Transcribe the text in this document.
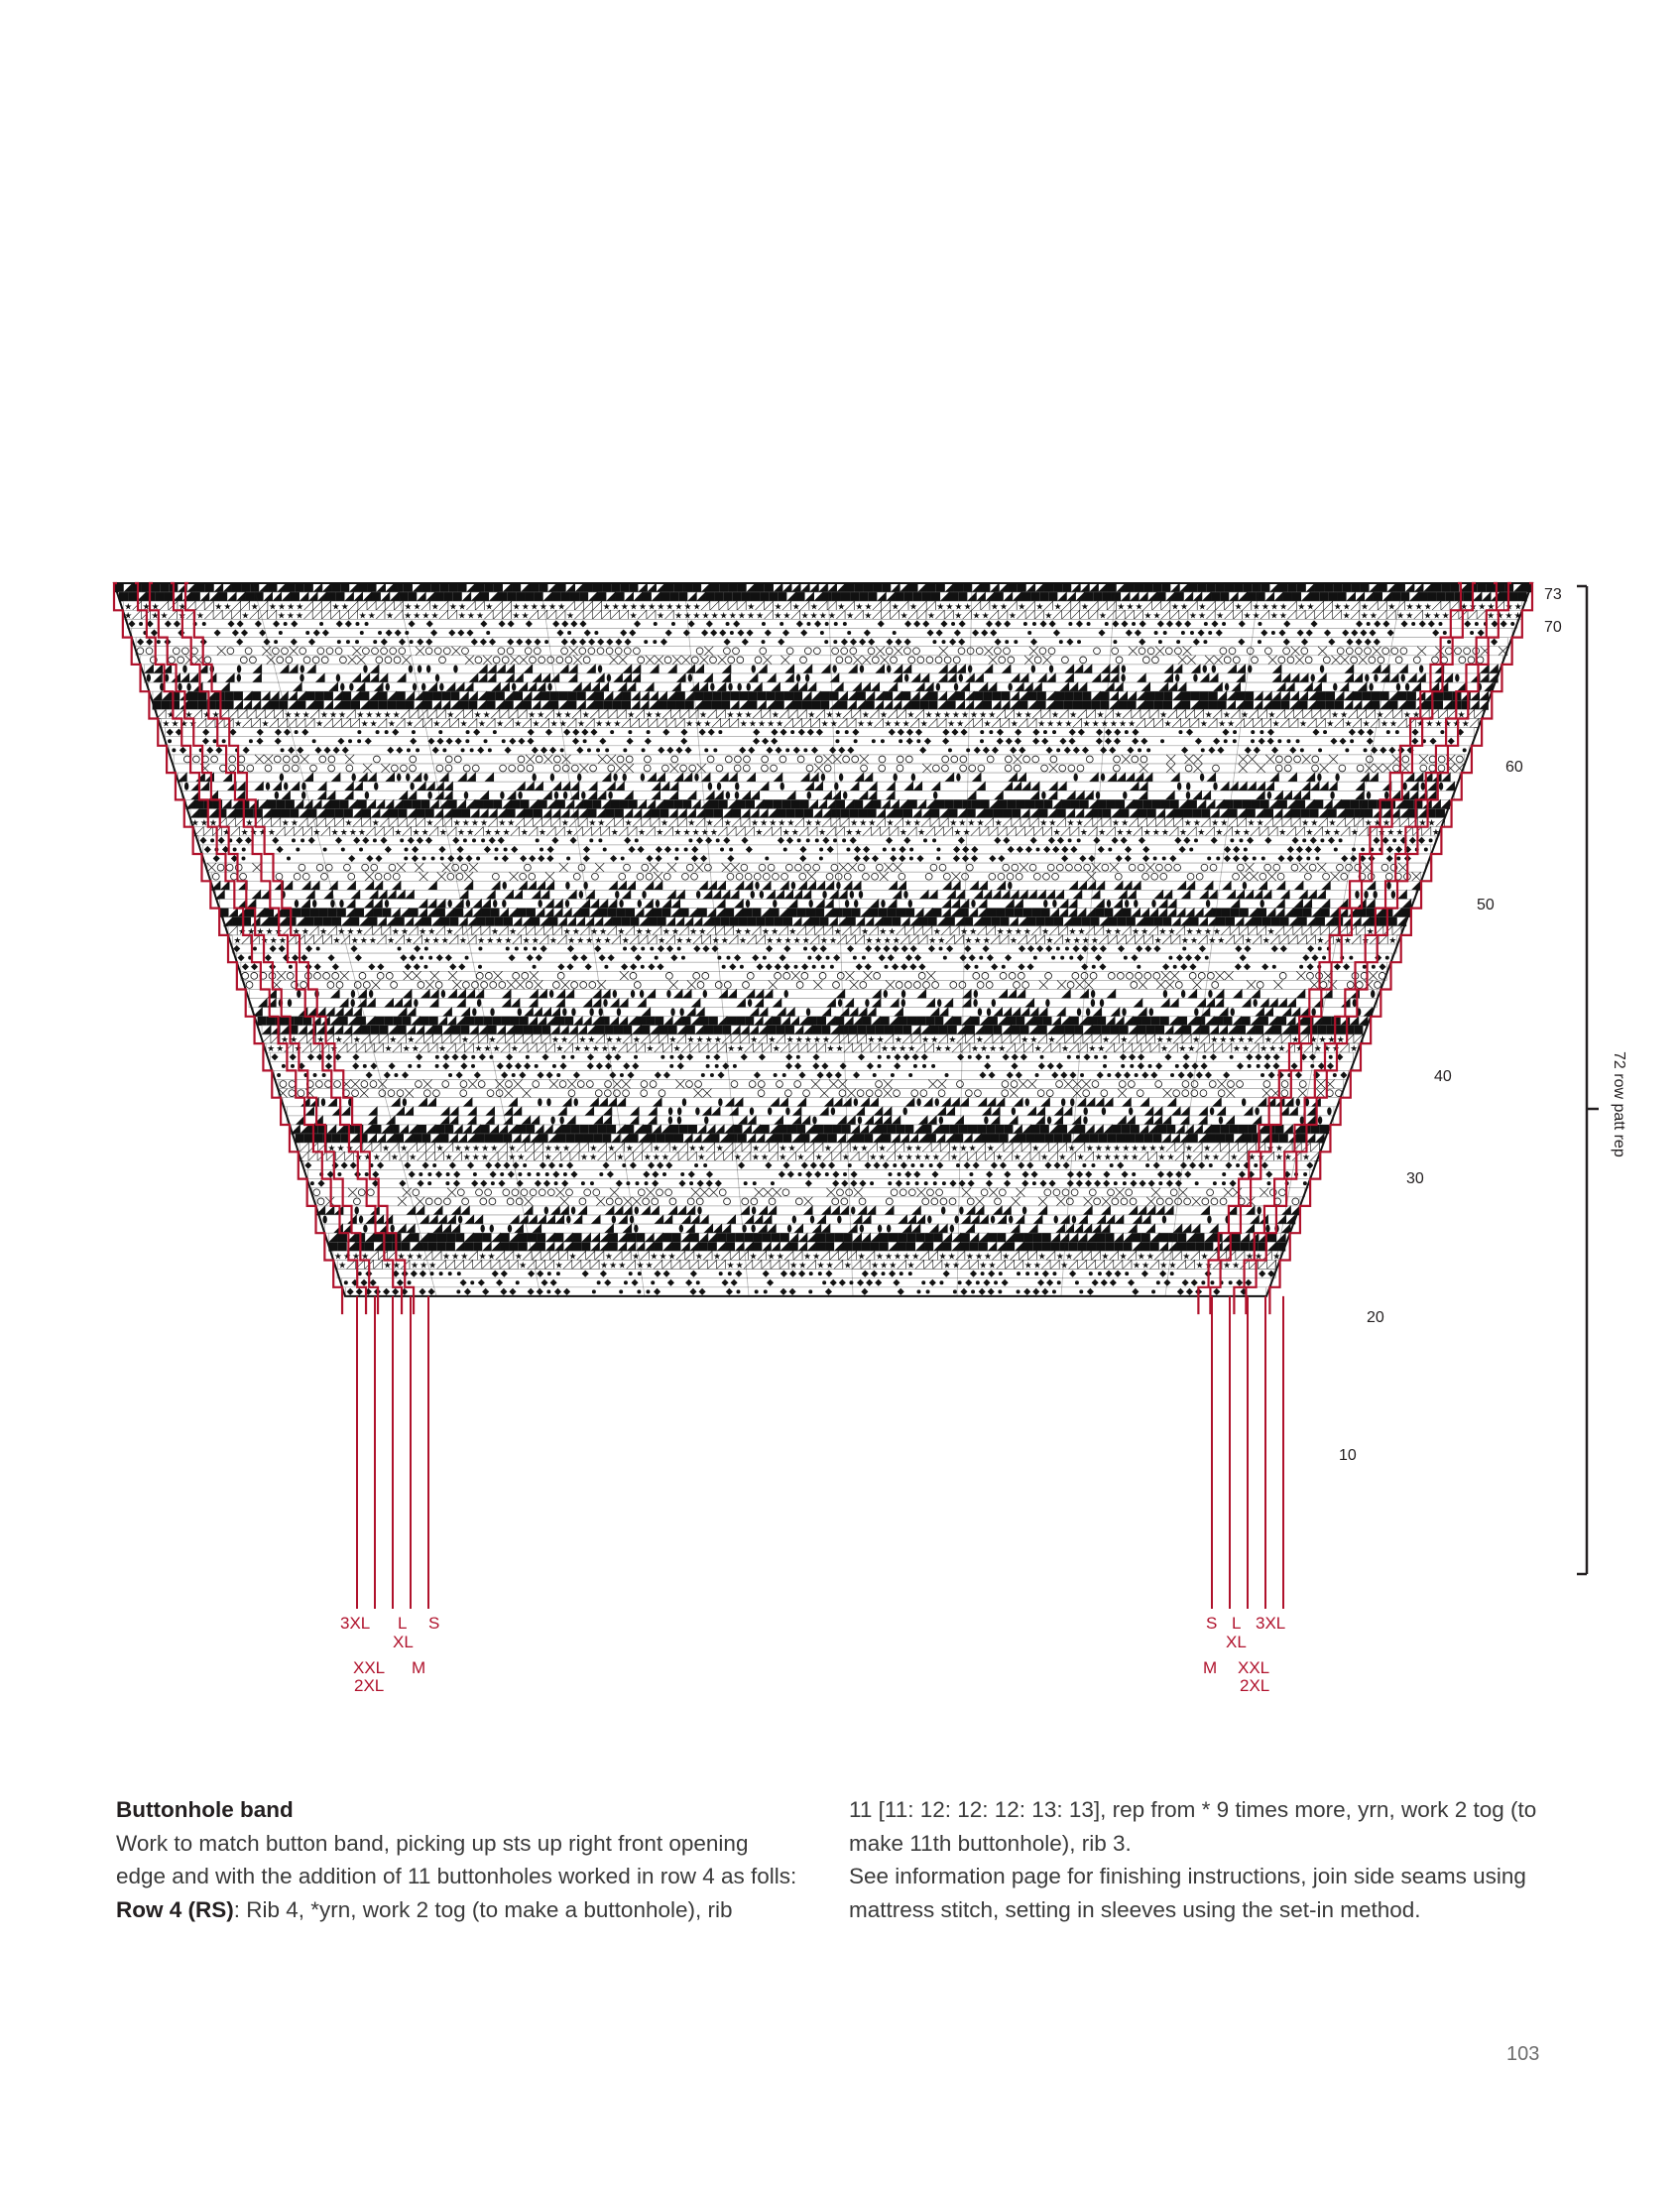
★ ★ ★ ★	★ ★ ★ ★ ★ ★ ★	★ ★	★ ★ ★ ★ ★ ★ ★ ★ ★ ★ ★ ★	★ ★ ★ ★ ★ ★ ★ ★ ★ ★ ★	★ ★ ★ ★ ★ ★ ★ ★ ★ ★ ★ ★ ★ ★ ★ ★ ★ ★ ★	★ ★ ★	★ ★ ★	★ ★ ★ ★ ★ ★ ★ ★ ★ ★ ★ ★ ★ ★	★ ★ ★ ★ ★ ★
★ ★ ★ ★ ★	★	★ ★ ★	★ ★ ★ ★ ★ ★ ★ ★ ★ ★	★ ★	★	★ ★ ★ ★ ★ ★ ★ ★ ★ ★ ★ ★ ★ ★ ★ ★ ★ ★ ★ ★	★ ★ ★ ★ ★ ★	★	★	★ ★	★ ★ ★ ★ ★ ★ ★	★ ★ ★ ★ ★ ★ ★ ★	★ ★ ★ ★
★ ★ ★ ★	★ ★ ★ ★ ★ ★ ★ ★ ★ ★ ★	★ ★ ★	★ ★ ★ ★ ★	★ ★ ★	★ ★ ★ ★ ★	★ ★ ★ ★ ★ ★ ★ ★ ★ ★ ★ ★ ★ ★ ★ ★ ★ ★ ★ ★	★	★ ★ ★ ★	★ ★	★ ★ ★	★
★ ★ ★ ★	★ ★	★	★ ★ ★ ★ ★ ★ ★ ★ ★ ★ ★ ★ ★ ★ ★ ★	★ ★ ★	★ ★ ★ ★ ★	★ ★ ★ ★ ★ ★ ★ ★ ★ ★ ★ ★ ★ ★ ★ ★ ★ ★ ★ ★ ★ ★	★	★ ★ ★	★ ★ ★ ★ ★ ★ ★ ★ ★ ★ ★ ★ ★
★ ★ ★	★	★ ★	★ ★	★ ★ ★ ★ ★ ★ ★	★ ★ ★ ★	★ ★ ★ ★ ★ ★ ★ ★ ★ ★ ★	★ ★ ★ ★ ★ ★	★ ★ ★ ★ ★	★ ★ ★ ★	★ ★	★ ★ ★ ★ ★ ★	★ ★ ★	★ ★ ★	★ ★
★ ★ ★ ★ ★	★ ★ ★ ★ ★	★ ★ ★ ★ ★ ★ ★ ★ ★ ★ ★ ★	★ ★ ★ ★ ★ ★ ★ ★	★ ★ ★ ★ ★ ★	★ ★	★ ★	★ ★ ★ ★ ★ ★ ★ ★ ★ ★ ★ ★ ★	★ ★ ★ ★ ★ ★ ★ ★	★
★ ★ ★ ★ ★ ★ ★ ★ ★ ★ ★	★ ★ ★ ★ ★	★ ★	★ ★ ★ ★ ★ ★ ★ ★ ★ ★ ★	★ ★ ★ ★ ★	★ ★ ★ ★	★ ★ ★ ★ ★ ★ ★ ★ ★ ★ ★ ★ ★ ★ ★ ★ ★ ★ ★ ★	★	★
★ ★ ★ ★	★ ★ ★ ★ ★ ★ ★ ★ ★ ★ ★ ★ ★ ★ ★ ★ ★ ★ ★ ★ ★ ★ ★	★ ★ ★ ★ ★ ★ ★ ★ ★ ★ ★ ★ ★	★ ★ ★ ★	★ ★ ★ ★ ★ ★	★ ★ ★ ★ ★	★ ★ ★ ★ ★ ★ ★	★ ★ ★ ★ ★
★ ★ ★ ★ ★	★ ★	★ ★	★ ★ ★ ★ ★ ★ ★	★ ★ ★ ★ ★	★ ★ ★ ★ ★ ★ ★	★ ★ ★ ★ ★ ★ ★	★ ★ ★	★ ★	★ ★ ★ ★ ★ ★ ★ ★ ★ ★ ★ ★ ★ ★
★ ★ ★	★	★ ★ ★ ★	★ ★ ★ ★	★ ★ ★ ★ ★ ★	★ ★	★ ★	★	★ ★	★ ★ ★ ★ ★ ★ ★ ★ ★ ★	★ ★ ★ ★	★ ★ ★	★ ★ ★ ★ ★ ★ ★ ★ ★ ★
★ ★ ★	★ ★	★ ★ ★ ★ ★ ★ ★	★ ★ ★ ★ ★ ★ ★ ★ ★ ★ ★	★ ★ ★	★ ★ ★ ★ ★ ★	★ ★ ★ ★	★	★ ★ ★ ★ ★ ★ ★ ★ ★ ★ ★ ★	★ ★
★ ★ ★ ★ ★	★ ★ ★ ★ ★ ★ ★	★ ★ ★ ★ ★ ★	★	★ ★ ★ ★ ★ ★ ★ ★ ★ ★ ★ ★ ★ ★ ★	★ ★ ★ ★ ★ ★ ★ ★ ★ ★ ★ ★ ★ ★ ★ ★ ★ ★ ★ ★ ★
★ ★ ★ ★	★ ★ ★ ★ ★ ★ ★ ★ ★	★	★ ★ ★ ★ ★ ★ ★	★ ★ ★ ★ ★	★ ★ ★ ★ ★ ★ ★ ★ ★ ★ ★ ★	★ ★ ★	★ ★ ★ ★	★ ★	★ ★ ★
★	★ ★ ★ ★ ★	★	★	★ ★ ★ ★ ★	★ ★	★ ★ ★ ★ ★ ★ ★ ★ ★	★ ★ ★ ★	★ ★ ★	★ ★ ★ ★ ★ ★ ★ ★
73
70
60
50
40
30
20
10
72 row patt rep
3XL L S
XL
XXL M
2XL
S L 3XL
XL
M XXL
2XL

Buttonhole band

Work to match button band, picking up sts up right front opening edge and with the addition of 11 buttonholes worked in row 4 as folls:

Row 4 (RS): Rib 4, *yrn, work 2 tog (to make a buttonhole), rib

11 [11: 12: 12: 12: 13: 13], rep from * 9 times more, yrn, work 2 tog (to make 11th buttonhole), rib 3.

See information page for finishing instructions, join side seams using mattress stitch, setting in sleeves using the set-in method.

103
